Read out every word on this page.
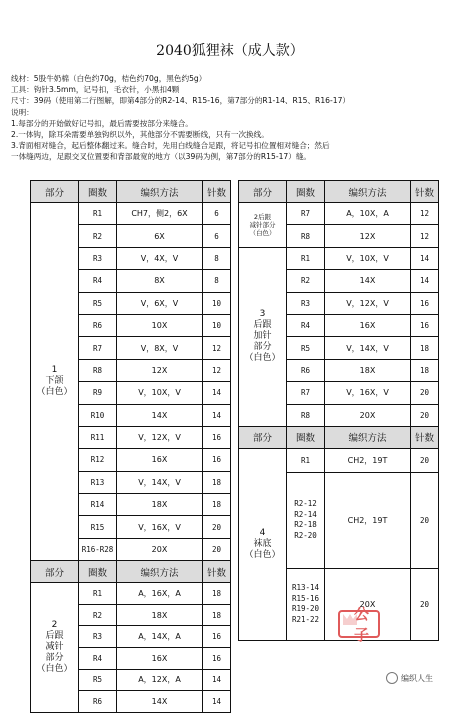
2040狐狸袜（成人款）
线材：5股牛奶棉（白色约70g，桔色约70g，黑色约5g）
工具：钩针3.5mm，记号扣，毛衣针，小黑扣4颗
尺寸：39码（使用第二行图解，即第4部分的R2-14、R15-16，第7部分的R1-14、R15、R16-17）
说明：
1.每部分的开始做好记号扣，最后需要按部分来缝合。
2.一体钩，除耳朵需要单独钩织以外，其他部分不需要断线，只有一次换线。
3.背面相对缝合，起后整体翻过来。缝合时，先用白线缝合足跟，将记号扣位置相对缝合；然后
一体缝两边，足跟交叉位置要和背部最宽的地方（以39码为例，第7部分的R15-17）缝。
部分	圈数	编织方法	针数
1
下颌
（白色）	R1	CH7，侧2，6X	6
	R2	6X	6
	R3	V，4X，V	8
	R4	8X	8
	R5	V，6X，V	10
	R6	10X	10
	R7	V，8X，V	12
	R8	12X	12
	R9	V，10X，V	14
	R10	14X	14
	R11	V，12X，V	16
	R12	16X	16
	R13	V，14X，V	18
	R14	18X	18
	R15	V，16X，V	20
	R16-R28	20X	20
部分	圈数	编织方法	针数
2
后跟
减针
部分
（白色）	R1	A，16X，A	18
	R2	18X	18
	R3	A，14X，A	16
	R4	16X	16
	R5	A，12X，A	14
	R6	14X	14
部分	圈数	编织方法	针数
2后跟
减针部分
（白色）	R7	A，10X，A	12
	R8	12X	12
3
后跟
加针
部分
（白色）	R1	V，10X，V	14
	R2	14X	14
	R3	V，12X，V	16
	R4	16X	16
	R5	V，14X，V	18
	R6	18X	18
	R7	V，16X，V	20
	R8	20X	20
部分	圈数	编织方法	针数
4
袜底
（白色）	R1	CH2，19T	20
	R2-12
R2-14
R2-18
R2-20	CH2，19T	20
	R13-14
R15-16
R19-20
R21-22	20X	20
公子
编织人生
